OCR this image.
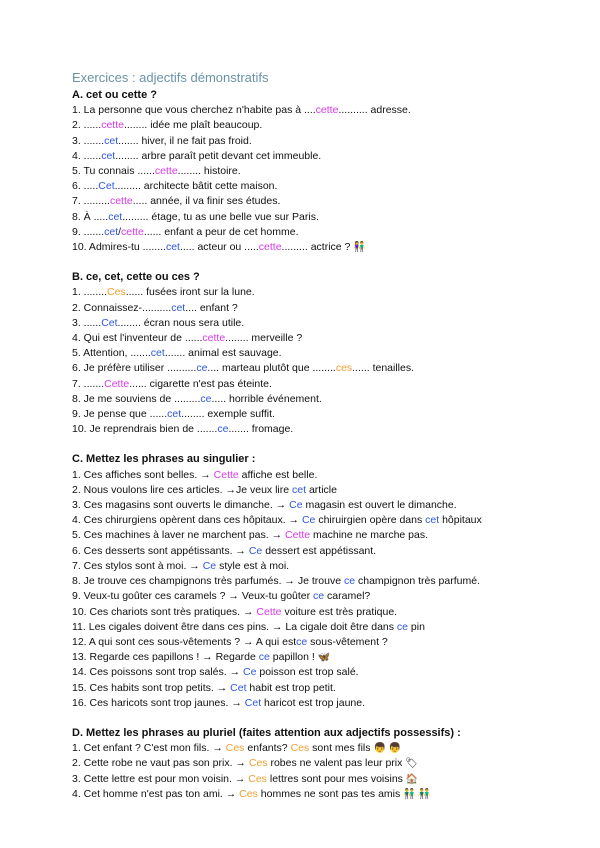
Exercices : adjectifs démonstratifs
A. cet ou cette ?
1. La personne que vous cherchez n'habite pas à ....cette.......... adresse.
2. ......cette........ idée me plaît beaucoup.
3. .......cet....... hiver, il ne fait pas froid.
4. ......cet........ arbre paraît petit devant cet immeuble.
5. Tu connais ......cette........ histoire.
6. .....Cet......... architecte bâtit cette maison.
7. .........cette..... année, il va finir ses études.
8. À .....cet......... étage, tu as une belle vue sur Paris.
9. .......cet/cette...... enfant a peur de cet homme.
10. Admires-tu ........cet..... acteur ou .....cette......... actrice ? 👫
B. ce, cet, cette ou ces ?
1. ........Ces...... fusées iront sur la lune.
2. Connaissez-..........cet.... enfant ?
3. ......Cet........ écran nous sera utile.
4. Qui est l'inventeur de ......cette........ merveille ?
5. Attention, .......cet....... animal est sauvage.
6. Je préfère utiliser ..........ce.... marteau plutôt que ........ces...... tenailles.
7. .......Cette...... cigarette n'est pas éteinte.
8. Je me souviens de .........ce..... horrible événement.
9. Je pense que ......cet........ exemple suffit.
10. Je reprendrais bien de .......ce....... fromage.
C. Mettez les phrases au singulier :
1. Ces affiches sont belles. → Cette affiche est belle.
2. Nous voulons lire ces articles. →Je veux lire cet article
3. Ces magasins sont ouverts le dimanche. → Ce magasin est ouvert le dimanche.
4. Ces chirurgiens opèrent dans ces hôpitaux. → Ce chiruirgien opère dans cet hôpitaux
5. Ces machines à laver ne marchent pas. → Cette machine ne marche pas.
6. Ces desserts sont appétissants. → Ce dessert est appétissant.
7. Ces stylos sont à moi. → Ce style est à moi.
8. Je trouve ces champignons très parfumés. → Je trouve ce champignon très parfumé.
9. Veux-tu goûter ces caramels ? → Veux-tu goûter ce caramel?
10. Ces chariots sont très pratiques. → Cette voiture est très pratique.
11. Les cigales doivent être dans ces pins. → La cigale doit être dans ce pin
12. A qui sont ces sous-vêtements ? → A qui estce sous-vêtement ?
13. Regarde ces papillons ! → Regarde ce papillon ! 🦋
14. Ces poissons sont trop salés. → Ce poisson est trop salé.
15. Ces habits sont trop petits. → Cet habit est trop petit.
16. Ces haricots sont trop jaunes. → Cet haricot est trop jaune.
D. Mettez les phrases au pluriel (faites attention aux adjectifs possessifs) :
1. Cet enfant ? C'est mon fils. → Ces enfants? Ces sont mes fils 👦 👦
2. Cette robe ne vaut pas son prix. → Ces robes ne valent pas leur prix 🏷
3. Cette lettre est pour mon voisin. → Ces lettres sont pour mes voisins 🏠
4. Cet homme n'est pas ton ami. → Ces hommes ne sont pas tes amis 👬 👬
